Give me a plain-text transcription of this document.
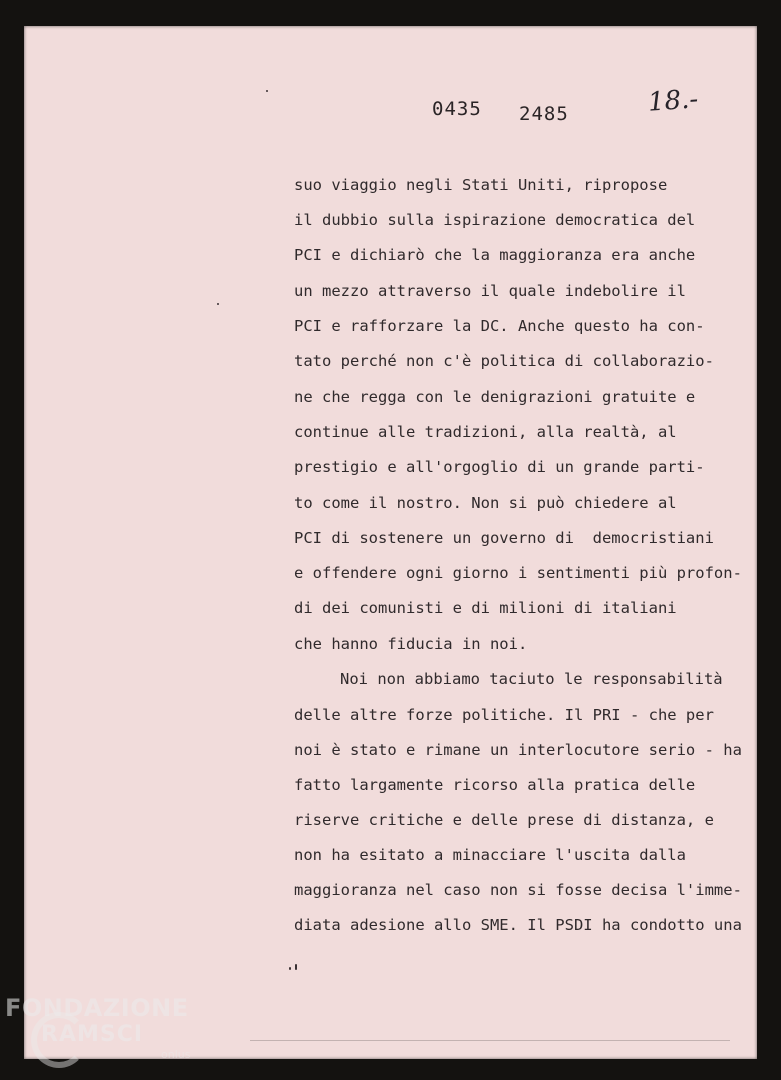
0435 2485	18.-
suo viaggio negli Stati Uniti, ripropose
il dubbio sulla ispirazione democratica del
PCI e dichiarò che la maggioranza era anche
un mezzo attraverso il quale indebolire il
PCI e rafforzare la DC. Anche questo ha con-
tato perché non c'è politica di collaborazio-
ne che regga con le denigrazioni gratuite e
continue alle tradizioni, alla realtà, al
prestigio e all'orgoglio di un grande parti-
to come il nostro. Non si può chiedere al
PCI di sostenere un governo di  democristiani
e offendere ogni giorno i sentimenti più profon-
di dei comunisti e di milioni di italiani
che hanno fiducia in noi.
Noi non abbiamo taciuto le responsabilità
delle altre forze politiche. Il PRI - che per
noi è stato e rimane un interlocutore serio - ha
fatto largamente ricorso alla pratica delle
riserve critiche e delle prese di distanza, e
non ha esitato a minacciare l'uscita dalla
maggioranza nel caso non si fosse decisa l'imme-
diata adesione allo SME. Il PSDI ha condotto una
FONDAZIONE
RAMSCI
onlus
